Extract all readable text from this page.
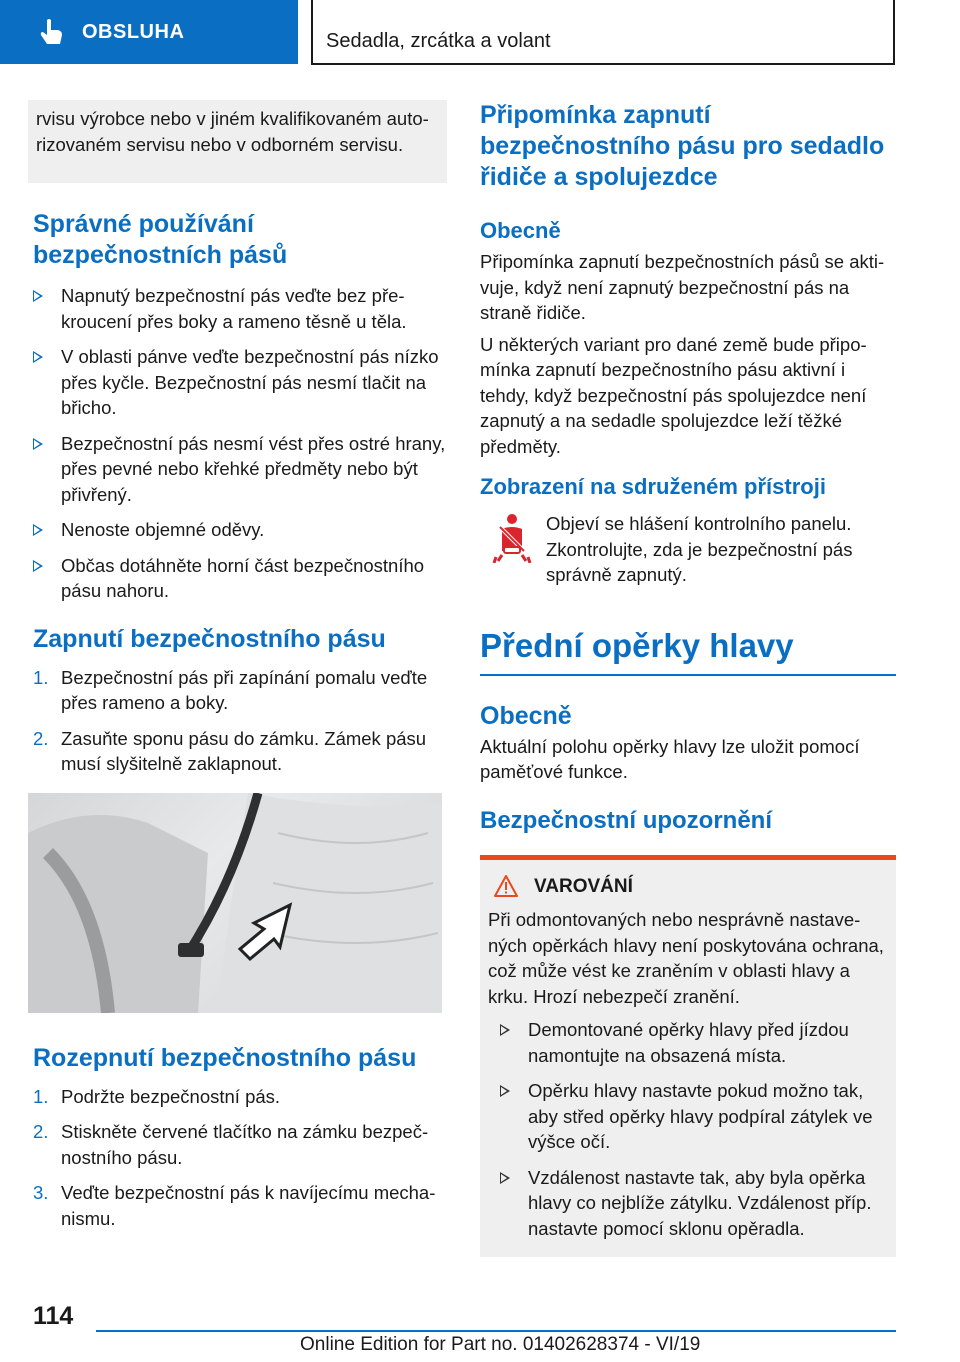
OBSLUHA	Sedadla, zrcátka a volant

rvisu výrobce nebo v jiném kvalifikovaném autorizovaném servisu nebo v odborném servisu.

Správné používání bezpečnostních pásů
Napnutý bezpečnostní pás veďte bez překroucení přes boky a rameno těsně u těla.
V oblasti pánve veďte bezpečnostní pás nízko přes kyčle. Bezpečnostní pás nesmí tlačit na břicho.
Bezpečnostní pás nesmí vést přes ostré hrany, přes pevné nebo křehké předměty nebo být přivřený.
Nenoste objemné oděvy.
Občas dotáhněte horní část bezpečnostního pásu nahoru.
Zapnutí bezpečnostního pásu
1. Bezpečnostní pás při zapínání pomalu veďte přes rameno a boky.
2. Zasuňte sponu pásu do zámku. Zámek pásu musí slyšitelně zaklapnout.
Rozepnutí bezpečnostního pásu
1. Podržte bezpečnostní pás.
2. Stiskněte červené tlačítko na zámku bezpečnostního pásu.
3. Veďte bezpečnostní pás k navíjecímu mechanismu.
Připomínka zapnutí bezpečnostního pásu pro sedadlo řidiče a spolujezdce
Obecně

Připomínka zapnutí bezpečnostních pásů se aktivuje, když není zapnutý bezpečnostní pás na straně řidiče.

U některých variant pro dané země bude připomínka zapnutí bezpečnostního pásu aktivní i tehdy, když bezpečnostní pás spolujezdce není zapnutý a na sedadle spolujezdce leží těžké předměty.

Zobrazení na sdruženém přístroji

Objeví se hlášení kontrolního panelu. Zkontrolujte, zda je bezpečnostní pás správně zapnutý.

Přední opěrky hlavy
Obecně

Aktuální polohu opěrky hlavy lze uložit pomocí paměťové funkce.

Bezpečnostní upozornění
VAROVÁNÍ

Při odmontovaných nebo nesprávně nastavených opěrkách hlavy není poskytována ochrana, což může vést ke zraněním v oblasti hlavy a krku. Hrozí nebezpečí zranění.

Demontované opěrky hlavy před jízdou namontujte na obsazená místa.
Opěrku hlavy nastavte pokud možno tak, aby střed opěrky hlavy podpíral zátylek ve výšce očí.
Vzdálenost nastavte tak, aby byla opěrka hlavy co nejblíže zátylku. Vzdálenost příp. nastavte pomocí sklonu opěradla.
114
Online Edition for Part no. 01402628374 - VI/19
